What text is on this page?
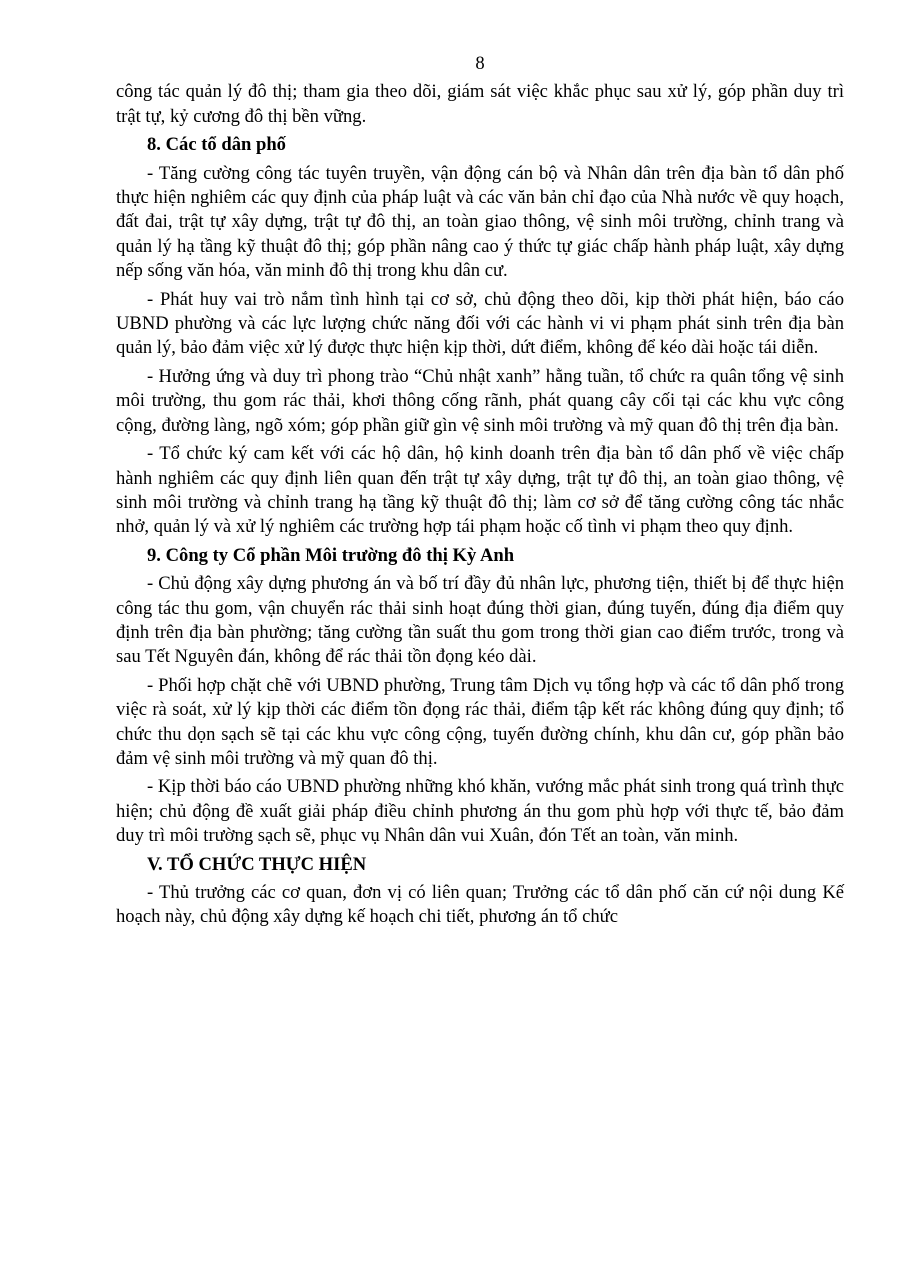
8

công tác quản lý đô thị; tham gia theo dõi, giám sát việc khắc phục sau xử lý, góp phần duy trì trật tự, kỷ cương đô thị bền vững.

8. Các tổ dân phố

- Tăng cường công tác tuyên truyền, vận động cán bộ và Nhân dân trên địa bàn tổ dân phố thực hiện nghiêm các quy định của pháp luật và các văn bản chỉ đạo của Nhà nước về quy hoạch, đất đai, trật tự xây dựng, trật tự đô thị, an toàn giao thông, vệ sinh môi trường, chỉnh trang và quản lý hạ tầng kỹ thuật đô thị; góp phần nâng cao ý thức tự giác chấp hành pháp luật, xây dựng nếp sống văn hóa, văn minh đô thị trong khu dân cư.

- Phát huy vai trò nắm tình hình tại cơ sở, chủ động theo dõi, kịp thời phát hiện, báo cáo UBND phường và các lực lượng chức năng đối với các hành vi vi phạm phát sinh trên địa bàn quản lý, bảo đảm việc xử lý được thực hiện kịp thời, dứt điểm, không để kéo dài hoặc tái diễn.

- Hưởng ứng và duy trì phong trào “Chủ nhật xanh” hằng tuần, tổ chức ra quân tổng vệ sinh môi trường, thu gom rác thải, khơi thông cống rãnh, phát quang cây cối tại các khu vực công cộng, đường làng, ngõ xóm; góp phần giữ gìn vệ sinh môi trường và mỹ quan đô thị trên địa bàn.

- Tổ chức ký cam kết với các hộ dân, hộ kinh doanh trên địa bàn tổ dân phố về việc chấp hành nghiêm các quy định liên quan đến trật tự xây dựng, trật tự đô thị, an toàn giao thông, vệ sinh môi trường và chỉnh trang hạ tầng kỹ thuật đô thị; làm cơ sở để tăng cường công tác nhắc nhở, quản lý và xử lý nghiêm các trường hợp tái phạm hoặc cố tình vi phạm theo quy định.

9. Công ty Cổ phần Môi trường đô thị Kỳ Anh

- Chủ động xây dựng phương án và bố trí đầy đủ nhân lực, phương tiện, thiết bị để thực hiện công tác thu gom, vận chuyển rác thải sinh hoạt đúng thời gian, đúng tuyến, đúng địa điểm quy định trên địa bàn phường; tăng cường tần suất thu gom trong thời gian cao điểm trước, trong và sau Tết Nguyên đán, không để rác thải tồn đọng kéo dài.

- Phối hợp chặt chẽ với UBND phường, Trung tâm Dịch vụ tổng hợp và các tổ dân phố trong việc rà soát, xử lý kịp thời các điểm tồn đọng rác thải, điểm tập kết rác không đúng quy định; tổ chức thu dọn sạch sẽ tại các khu vực công cộng, tuyến đường chính, khu dân cư, góp phần bảo đảm vệ sinh môi trường và mỹ quan đô thị.

- Kịp thời báo cáo UBND phường những khó khăn, vướng mắc phát sinh trong quá trình thực hiện; chủ động đề xuất giải pháp điều chỉnh phương án thu gom phù hợp với thực tế, bảo đảm duy trì môi trường sạch sẽ, phục vụ Nhân dân vui Xuân, đón Tết an toàn, văn minh.

V. TỔ CHỨC THỰC HIỆN

- Thủ trưởng các cơ quan, đơn vị có liên quan; Trưởng các tổ dân phố căn cứ nội dung Kế hoạch này, chủ động xây dựng kế hoạch chi tiết, phương án tổ chức
